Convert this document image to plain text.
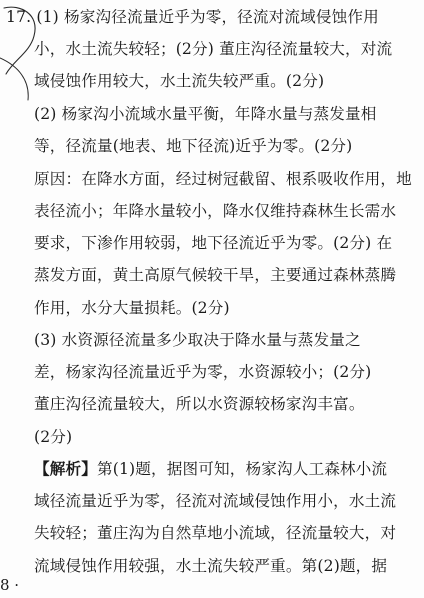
17. (1) 杨家沟径流量近乎为零，径流对流域侵蚀作用
小，水土流失较轻；(2分) 董庄沟径流量较大，对流
域侵蚀作用较大，水土流失较严重。(2分)
(2) 杨家沟小流域水量平衡，年降水量与蒸发量相
等，径流量(地表、地下径流)近乎为零。(2分)
原因：在降水方面，经过树冠截留、根系吸收作用，地
表径流小；年降水量较小，降水仅维持森林生长需水
要求，下渗作用较弱，地下径流近乎为零。(2分) 在
蒸发方面，黄土高原气候较干旱，主要通过森林蒸腾
作用，水分大量损耗。(2分)
(3) 水资源径流量多少取决于降水量与蒸发量之
差，杨家沟径流量近乎为零，水资源较小；(2分)
董庄沟径流量较大，所以水资源较杨家沟丰富。
(2分)
【解析】第(1)题，据图可知，杨家沟人工森林小流
域径流量近乎为零，径流对流域侵蚀作用小，水土流
失较轻；董庄沟为自然草地小流域，径流量较大，对
流域侵蚀作用较强，水土流失较严重。第(2)题，据
8 ·
